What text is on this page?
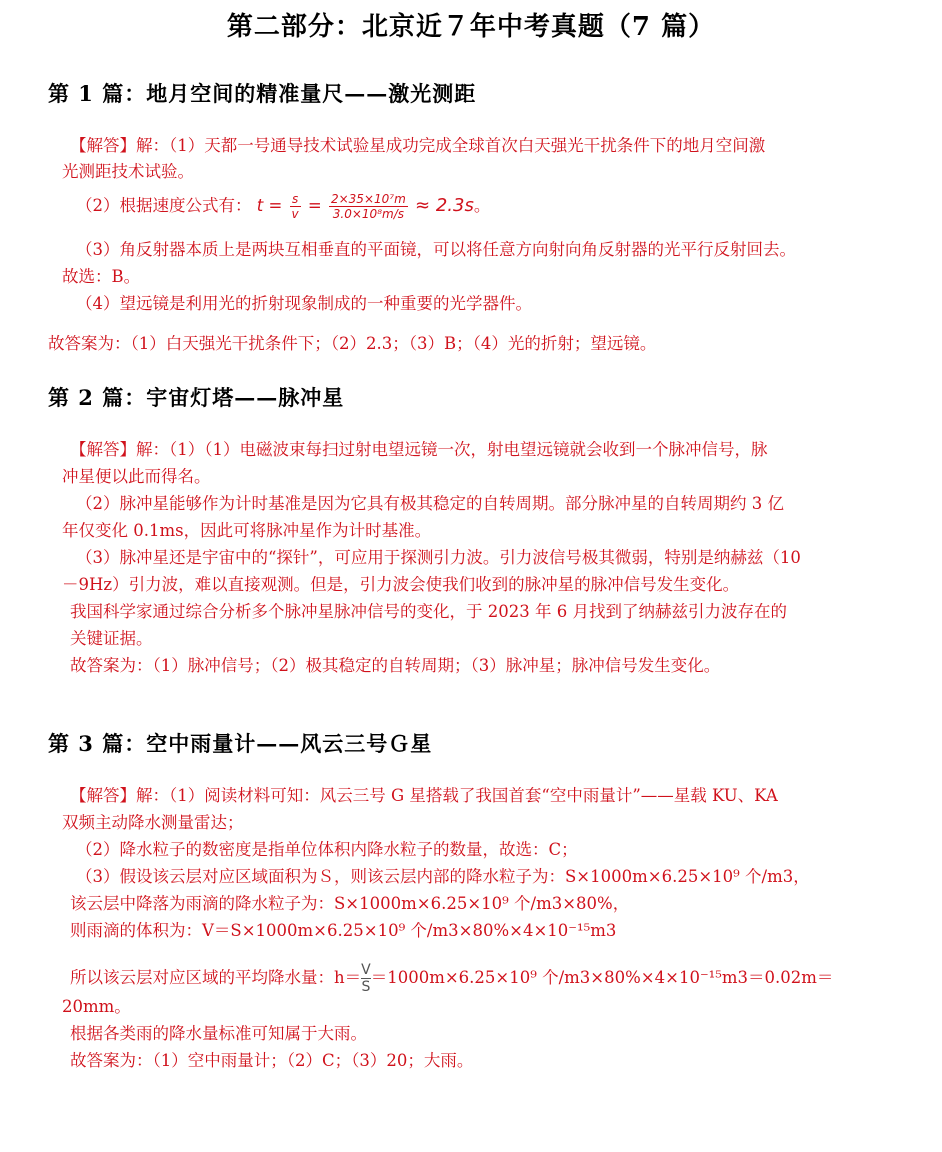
第二部分：北京近７年中考真题（7 篇）
第 1 篇：地月空间的精准量尺——激光测距
【解答】解：（1）天都一号通导技术试验星成功完成全球首次白天强光干扰条件下的地月空间激
光测距技术试验。
（2）根据速度公式有： $t = \frac{s}{v} = \frac{\text{2×35×10⁷m}}{\text{3.0×10⁸m/s}} \approx 2.3s$。
（3）角反射器本质上是两块互相垂直的平面镜，可以将任意方向射向角反射器的光平行反射回去。
故选：B。
（4）望远镜是利用光的折射现象制成的一种重要的光学器件。
故答案为：（1）白天强光干扰条件下；（2）2.3；（3）B；（4）光的折射；望远镜。
第 2 篇：宇宙灯塔——脉冲星
【解答】解：（1）（1）电磁波束每扫过射电望远镜一次，射电望远镜就会收到一个脉冲信号，脉
冲星便以此而得名。
（2）脉冲星能够作为计时基准是因为它具有极其稳定的自转周期。部分脉冲星的自转周期约 3 亿
年仅变化 0.1ms，因此可将脉冲星作为计时基准。
（3）脉冲星还是宇宙中的“探针”，可应用于探测引力波。引力波信号极其微弱，特别是纳赫兹（10
－9Hz）引力波，难以直接观测。但是，引力波会使我们收到的脉冲星的脉冲信号发生变化。
我国科学家通过综合分析多个脉冲星脉冲信号的变化，于 2023 年 6 月找到了纳赫兹引力波存在的
关键证据。
故答案为：（1）脉冲信号；（2）极其稳定的自转周期；（3）脉冲星；脉冲信号发生变化。
第 3 篇：空中雨量计——风云三号Ｇ星
【解答】解：（1）阅读材料可知：风云三号 G 星搭载了我国首套“空中雨量计”——星载 KU、KA
双频主动降水测量雷达；
（2）降水粒子的数密度是指单位体积内降水粒子的数量，故选：C；
（3）假设该云层对应区域面积为Ｓ，则该云层内部的降水粒子为：S×1000m×6.25×10⁹ 个/m3，
该云层中降落为雨滴的降水粒子为：S×1000m×6.25×10⁹ 个/m3×80%，
则雨滴的体积为：V＝S×1000m×6.25×10⁹ 个/m3×80%×4×10⁻¹⁵m3
所以该云层对应区域的平均降水量：$h= \frac{V}{S}=1000m\times 6.25\times 10^9$ 个/m3×80%×4×10⁻¹⁵m3＝0.02m＝
20mm。
根据各类雨的降水量标准可知属于大雨。
故答案为：（1）空中雨量计；（2）C；（3）20；大雨。
